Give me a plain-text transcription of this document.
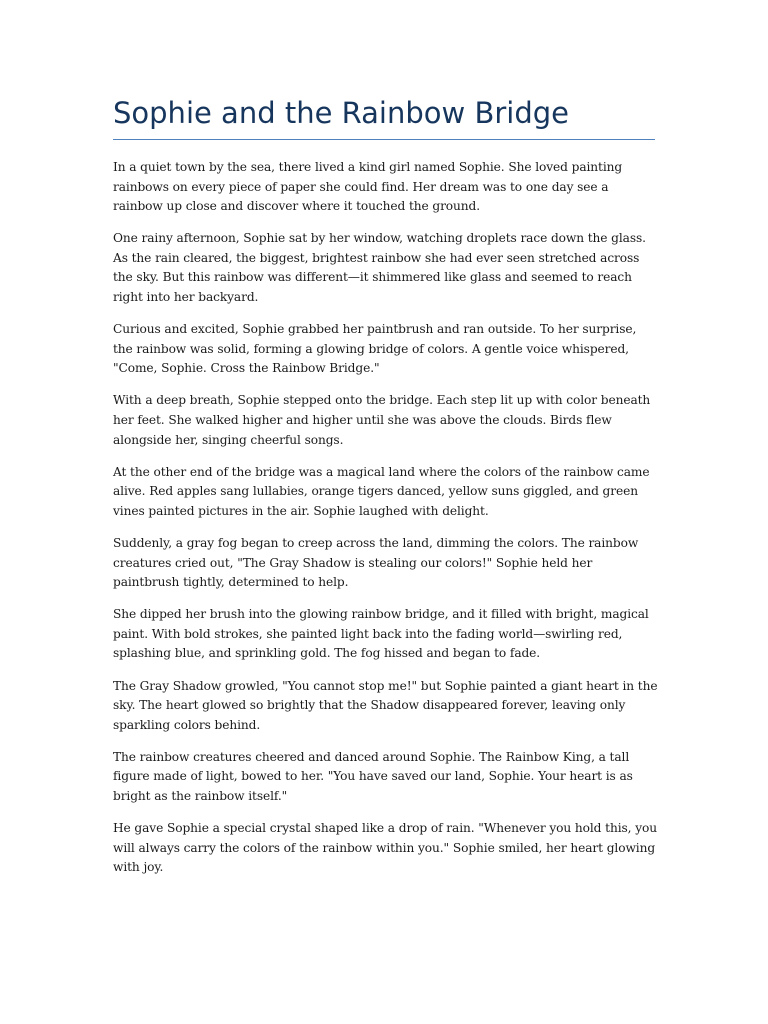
Sophie and the Rainbow Bridge

In a quiet town by the sea, there lived a kind girl named Sophie. She loved painting rainbows on every piece of paper she could find. Her dream was to one day see a rainbow up close and discover where it touched the ground.

One rainy afternoon, Sophie sat by her window, watching droplets race down the glass. As the rain cleared, the biggest, brightest rainbow she had ever seen stretched across the sky. But this rainbow was different—it shimmered like glass and seemed to reach right into her backyard.

Curious and excited, Sophie grabbed her paintbrush and ran outside. To her surprise, the rainbow was solid, forming a glowing bridge of colors. A gentle voice whispered, "Come, Sophie. Cross the Rainbow Bridge."

With a deep breath, Sophie stepped onto the bridge. Each step lit up with color beneath her feet. She walked higher and higher until she was above the clouds. Birds flew alongside her, singing cheerful songs.

At the other end of the bridge was a magical land where the colors of the rainbow came alive. Red apples sang lullabies, orange tigers danced, yellow suns giggled, and green vines painted pictures in the air. Sophie laughed with delight.

Suddenly, a gray fog began to creep across the land, dimming the colors. The rainbow creatures cried out, "The Gray Shadow is stealing our colors!" Sophie held her paintbrush tightly, determined to help.

She dipped her brush into the glowing rainbow bridge, and it filled with bright, magical paint. With bold strokes, she painted light back into the fading world—swirling red, splashing blue, and sprinkling gold. The fog hissed and began to fade.

The Gray Shadow growled, "You cannot stop me!" but Sophie painted a giant heart in the sky. The heart glowed so brightly that the Shadow disappeared forever, leaving only sparkling colors behind.

The rainbow creatures cheered and danced around Sophie. The Rainbow King, a tall figure made of light, bowed to her. "You have saved our land, Sophie. Your heart is as bright as the rainbow itself."

He gave Sophie a special crystal shaped like a drop of rain. "Whenever you hold this, you will always carry the colors of the rainbow within you." Sophie smiled, her heart glowing with joy.
